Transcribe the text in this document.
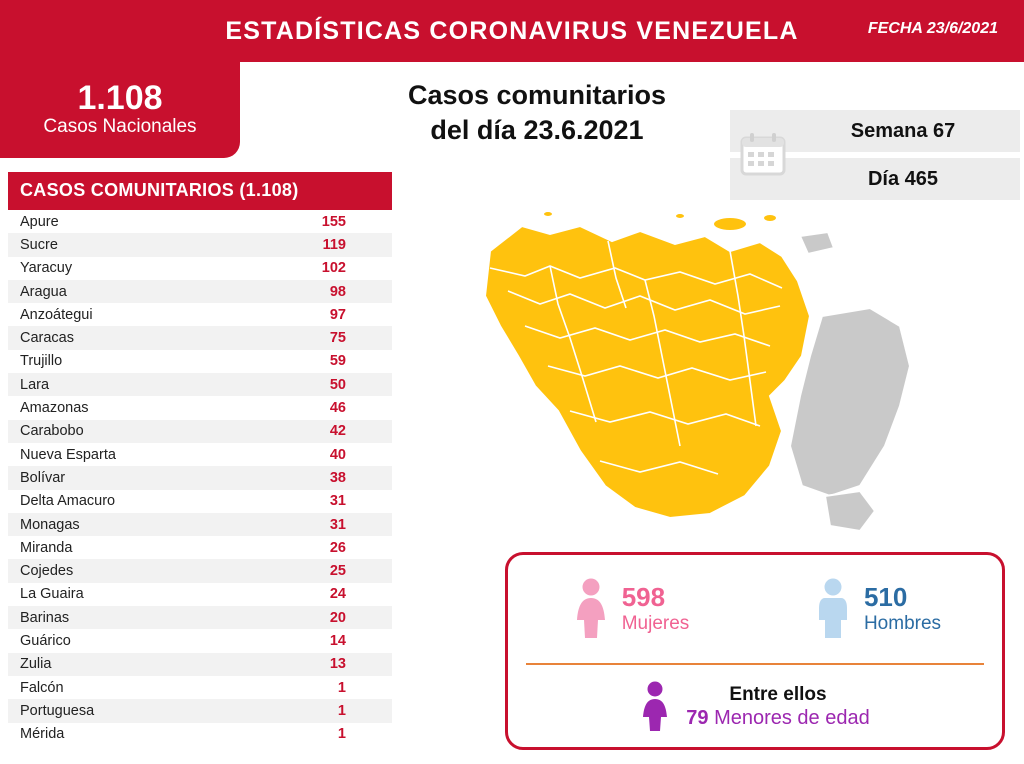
ESTADÍSTICAS CORONAVIRUS VENEZUELA	FECHA 23/6/2021
1.108
Casos Nacionales
Casos comunitarios
del día 23.6.2021	Semana 67
Día 465
CASOS COMUNITARIOS (1.108)
Apure	155
Sucre	119
Yaracuy	102
Aragua	98
Anzoátegui	97
Caracas	75
Trujillo	59
Lara	50
Amazonas	46
Carabobo	42
Nueva Esparta	40
Bolívar	38
Delta Amacuro	31
Monagas	31
Miranda	26
Cojedes	25
La Guaira	24
Barinas	20
Guárico	14
Zulia	13
Falcón	1
Portuguesa	1
Mérida	1
598
Mujeres
510
Hombres
Entre ellos
79 Menores de edad
